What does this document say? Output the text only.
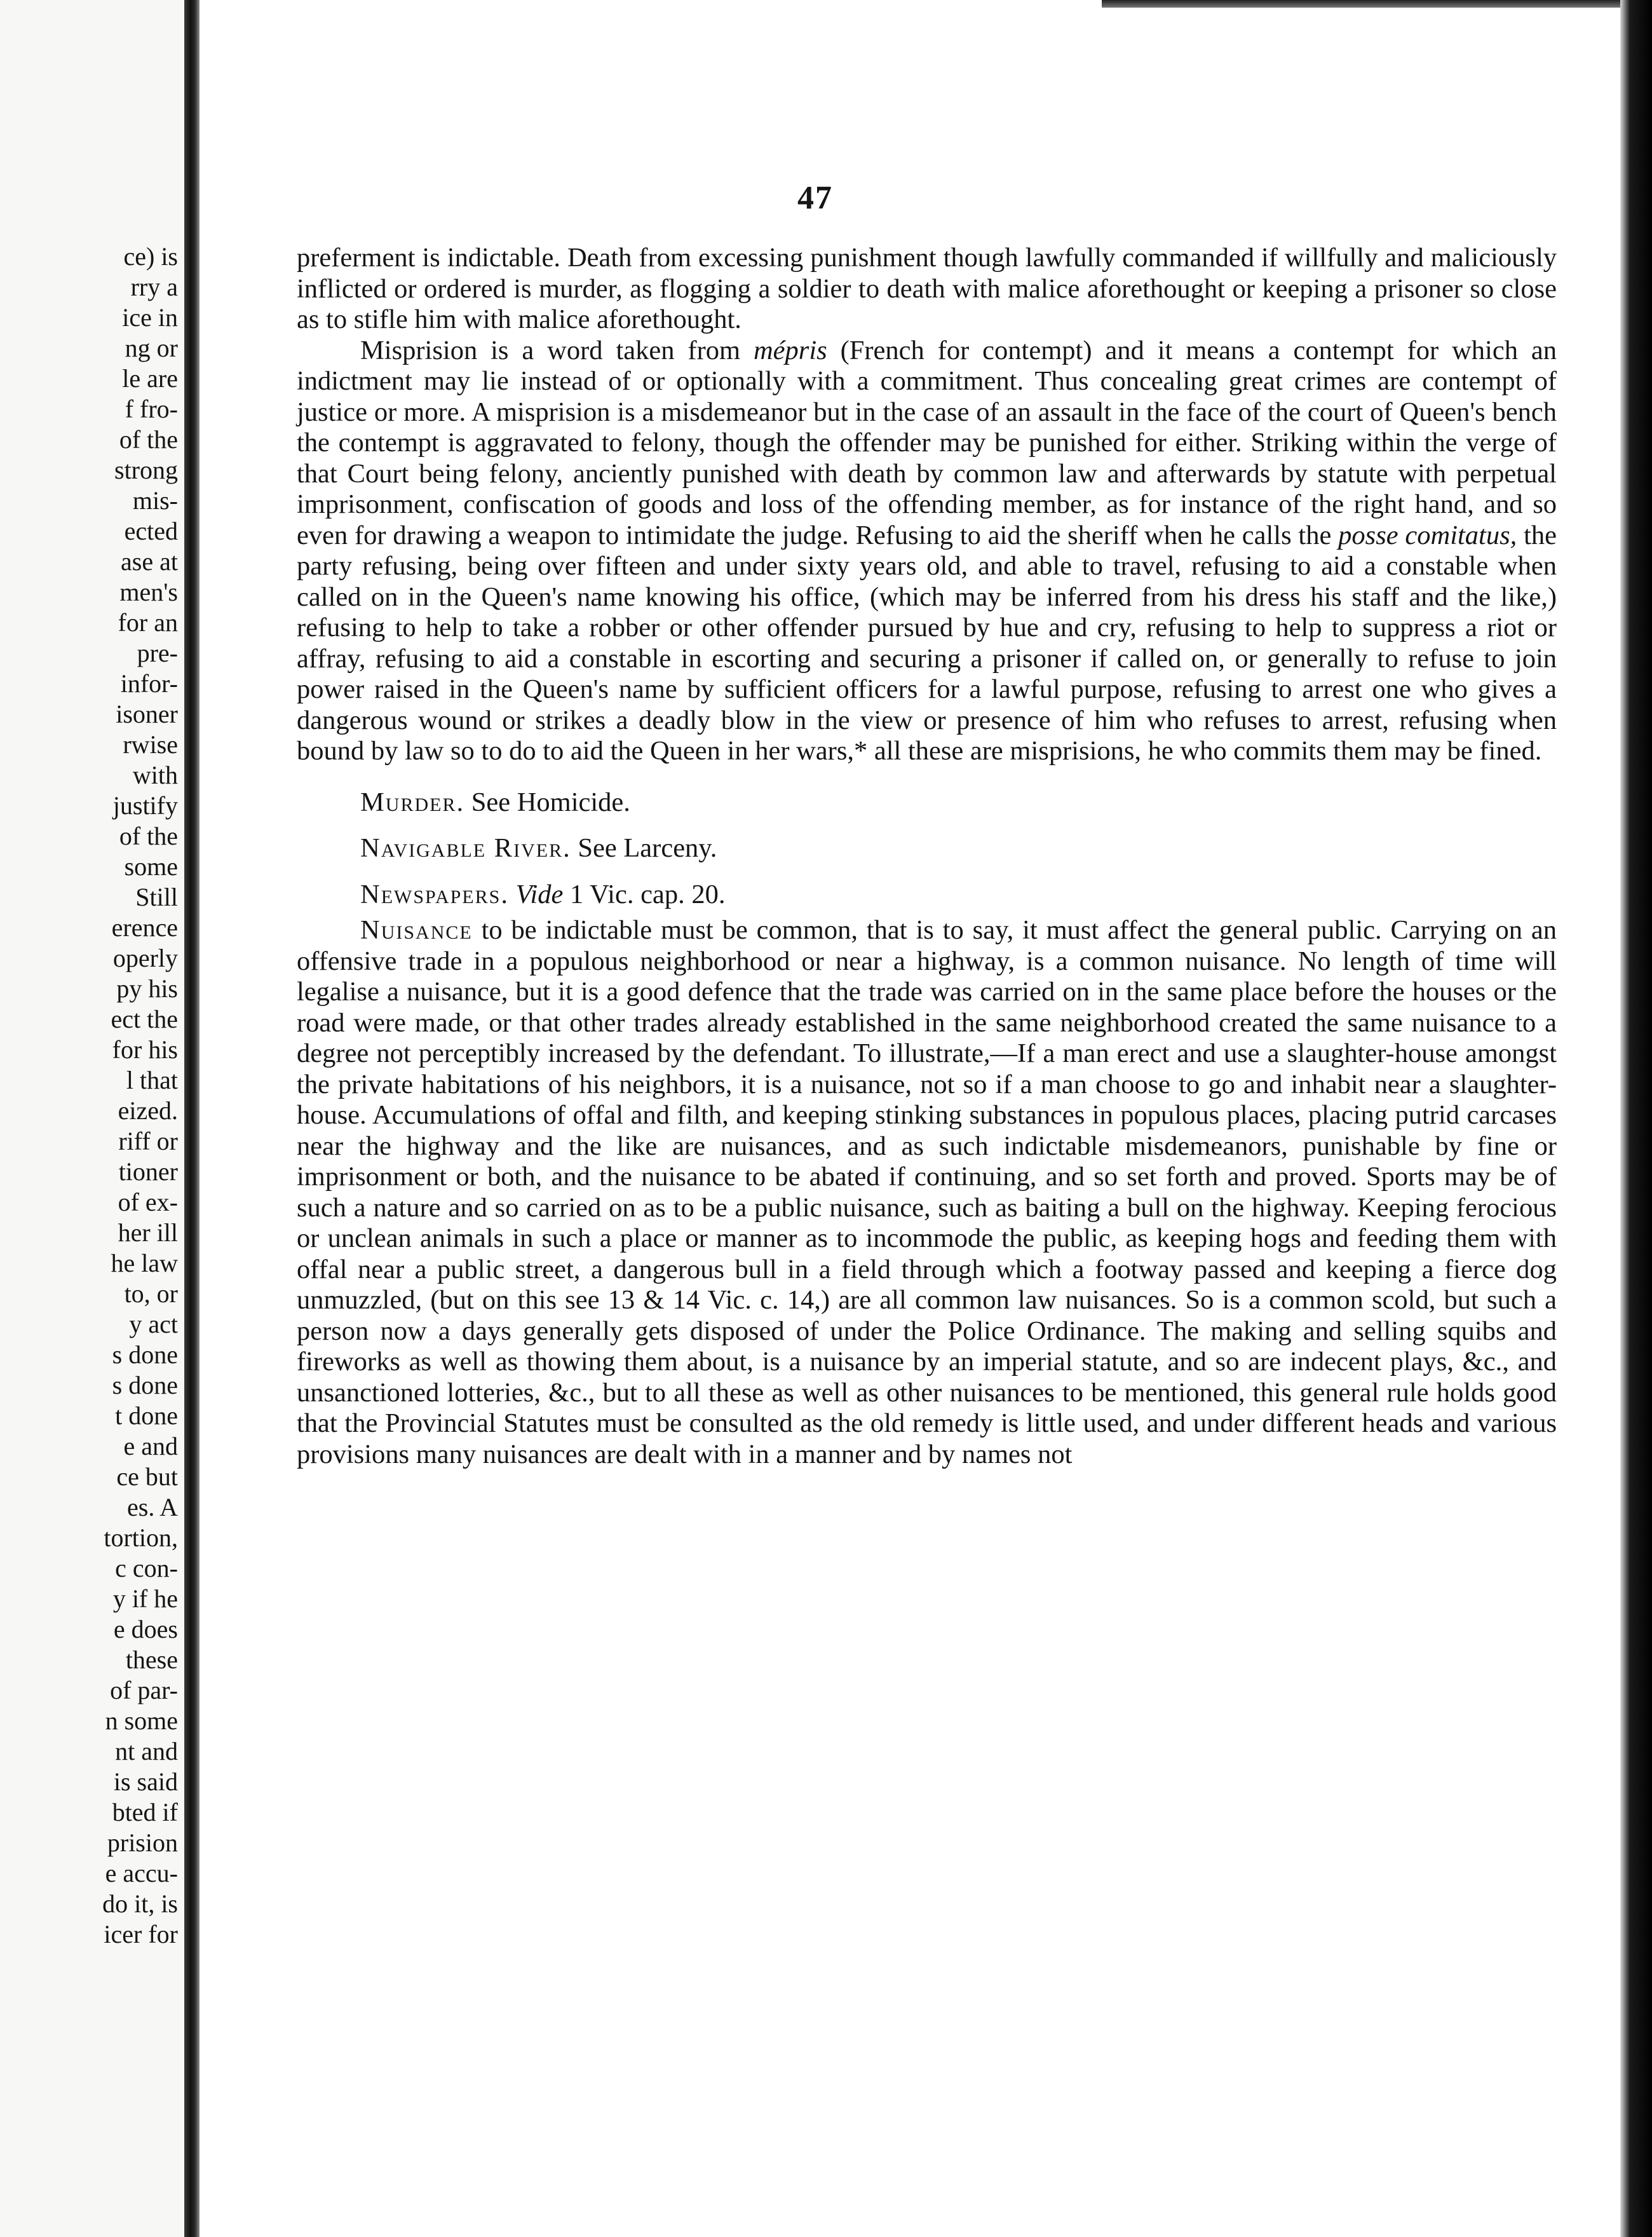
ce) is
rry a
ice in
ng or
le are
f fro-
of the
strong
mis-
ected
ase at
men's
for an
pre-
infor-
isoner
rwise
with
justify
of the
some
Still
erence
operly
py his
ect the
for his
l that
eized.
riff or
tioner
of ex-
her ill
he law
to, or
y act
s done
s done
t done
e and
ce but
es. A
tortion,
c con-
y if he
e does
these
of par-
n some
nt and
is said
bted if
prision
e accu-
do it, is
icer for
47

preferment is indictable. Death from excessing punishment though lawfully commanded if willfully and maliciously inflicted or ordered is murder, as flogging a soldier to death with malice aforethought or keeping a prisoner so close as to stifle him with malice aforethought.

Misprision is a word taken from mépris (French for contempt) and it means a contempt for which an indictment may lie instead of or optionally with a commitment. Thus concealing great crimes are contempt of justice or more. A misprision is a misdemeanor but in the case of an assault in the face of the court of Queen's bench the contempt is aggravated to felony, though the offender may be punished for either. Striking within the verge of that Court being felony, anciently punished with death by common law and afterwards by statute with perpetual imprisonment, confiscation of goods and loss of the offending member, as for instance of the right hand, and so even for drawing a weapon to intimidate the judge. Refusing to aid the sheriff when he calls the posse comitatus, the party refusing, being over fifteen and under sixty years old, and able to travel, refusing to aid a constable when called on in the Queen's name knowing his office, (which may be inferred from his dress his staff and the like,) refusing to help to take a robber or other offender pursued by hue and cry, refusing to help to suppress a riot or affray, refusing to aid a constable in escorting and securing a prisoner if called on, or generally to refuse to join power raised in the Queen's name by sufficient officers for a lawful purpose, refusing to arrest one who gives a dangerous wound or strikes a deadly blow in the view or presence of him who refuses to arrest, refusing when bound by law so to do to aid the Queen in her wars,* all these are misprisions, he who commits them may be fined.

Murder. See Homicide.

Navigable River. See Larceny.

Newspapers. Vide 1 Vic. cap. 20.

Nuisance to be indictable must be common, that is to say, it must affect the general public. Carrying on an offensive trade in a populous neighborhood or near a highway, is a common nuisance. No length of time will legalise a nuisance, but it is a good defence that the trade was carried on in the same place before the houses or the road were made, or that other trades already established in the same neighborhood created the same nuisance to a degree not perceptibly increased by the defendant. To illustrate,—If a man erect and use a slaughter-house amongst the private habitations of his neighbors, it is a nuisance, not so if a man choose to go and inhabit near a slaughter-house. Accumulations of offal and filth, and keeping stinking substances in populous places, placing putrid carcases near the highway and the like are nuisances, and as such indictable misdemeanors, punishable by fine or imprisonment or both, and the nuisance to be abated if continuing, and so set forth and proved. Sports may be of such a nature and so carried on as to be a public nuisance, such as baiting a bull on the highway. Keeping ferocious or unclean animals in such a place or manner as to incommode the public, as keeping hogs and feeding them with offal near a public street, a dangerous bull in a field through which a footway passed and keeping a fierce dog unmuzzled, (but on this see 13 & 14 Vic. c. 14,) are all common law nuisances. So is a common scold, but such a person now a days generally gets disposed of under the Police Ordinance. The making and selling squibs and fireworks as well as thowing them about, is a nuisance by an imperial statute, and so are indecent plays, &c., and unsanctioned lotteries, &c., but to all these as well as other nuisances to be mentioned, this general rule holds good that the Provincial Statutes must be consulted as the old remedy is little used, and under different heads and various provisions many nuisances are dealt with in a manner and by names not
